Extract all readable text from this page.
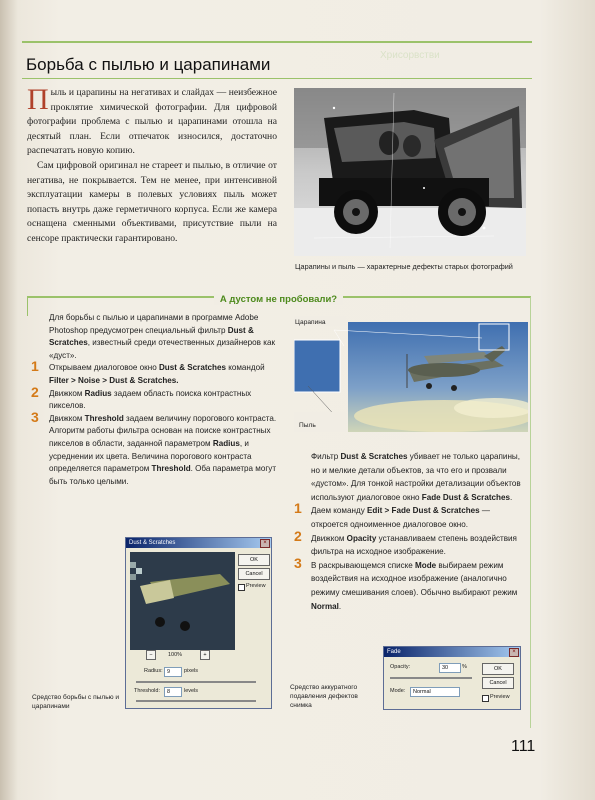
Хрисорвстви
Борьба с пылью и царапинами

Пыль и царапины на негативах и слайдах — неизбежное проклятие химической фотографии. Для цифровой фотографии проблема с пылью и царапинами отошла на десятый план. Если отпечаток износился, достаточно распечатать новую копию.

Сам цифровой оригинал не стареет и пылью, в отличие от негатива, не покрывается. Тем не менее, при интенсивной эксплуатации камеры в полевых условиях пыль может попасть внутрь даже герметичного корпуса. Если же камера оснащена сменными объективами, присутствие пыли на сенсоре практически гарантировано.

Царапины и пыль — характерные дефекты старых фотографий
А дустом не пробовали?

Для борьбы с пылью и царапинами в программе Adobe Photoshop предусмотрен специальный фильтр Dust & Scratches, известный среди отечественных дизайнеров как «дуст».

1 Открываем диалоговое окно Dust & Scratches командой Filter > Noise > Dust & Scratches.
2 Движком Radius задаем область поиска контрастных пикселов.
3 Движком Threshold задаем величину порогового контраста.

Алгоритм работы фильтра основан на поиске контрастных пикселов в области, заданной параметром Radius, и усреднении их цвета. Величина порогового контраста определяется параметром Threshold. Оба параметра могут быть только целыми.

Царапина
Пыль

Фильтр Dust & Scratches убивает не только царапины, но и мелкие детали объектов, за что его и прозвали «дустом». Для тонкой настройки детализации объектов используют диалоговое окно Fade Dust & Scratches.

1 Даем команду Edit > Fade Dust & Scratches — откроется одноименное диалоговое окно.
2 Движком Opacity устанавливаем степень воздействия фильтра на исходное изображение.
3 В раскрывающемся списке Mode выбираем режим воздействия на исходное изображение (аналогично режиму смешивания слоев). Обычно выбирают режим Normal.
Dust & Scratches	×
100%
−	+
OK
Cancel
Preview
Radius: 9	pixels
Threshold:	8	levels
Средство борьбы с пылью и царапинами
Fade	×
Opacity:	30	%
Mode:	Normal
OK
Cancel
Preview
Средство аккуратного подавления дефектов снимка
111
